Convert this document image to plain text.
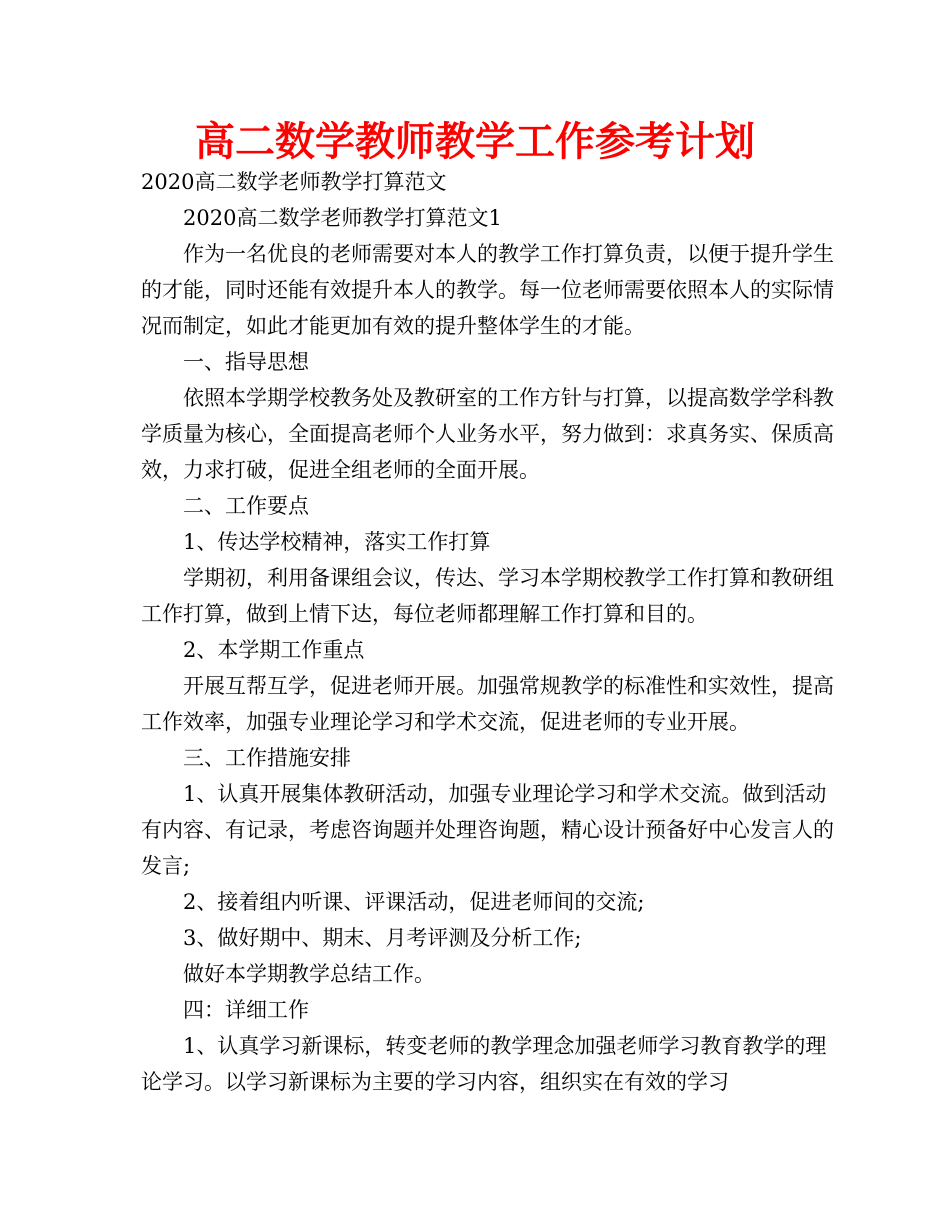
高二数学教师教学工作参考计划

2020高二数学老师教学打算范文

2020高二数学老师教学打算范文1

作为一名优良的老师需要对本人的教学工作打算负责，以便于提升学生的才能，同时还能有效提升本人的教学。每一位老师需要依照本人的实际情况而制定，如此才能更加有效的提升整体学生的才能。

一、指导思想

依照本学期学校教务处及教研室的工作方针与打算，以提高数学学科教学质量为核心，全面提高老师个人业务水平，努力做到：求真务实、保质高效，力求打破，促进全组老师的全面开展。

二、工作要点

1、传达学校精神，落实工作打算

学期初，利用备课组会议，传达、学习本学期校教学工作打算和教研组工作打算，做到上情下达，每位老师都理解工作打算和目的。

2、本学期工作重点

开展互帮互学，促进老师开展。加强常规教学的标准性和实效性，提高工作效率，加强专业理论学习和学术交流，促进老师的专业开展。

三、工作措施安排

1、认真开展集体教研活动，加强专业理论学习和学术交流。做到活动有内容、有记录，考虑咨询题并处理咨询题，精心设计预备好中心发言人的发言;

2、接着组内听课、评课活动，促进老师间的交流;

3、做好期中、期末、月考评测及分析工作;

做好本学期教学总结工作。

四：详细工作

1、认真学习新课标，转变老师的教学理念加强老师学习教育教学的理论学习。以学习新课标为主要的学习内容，组织实在有效的学习
